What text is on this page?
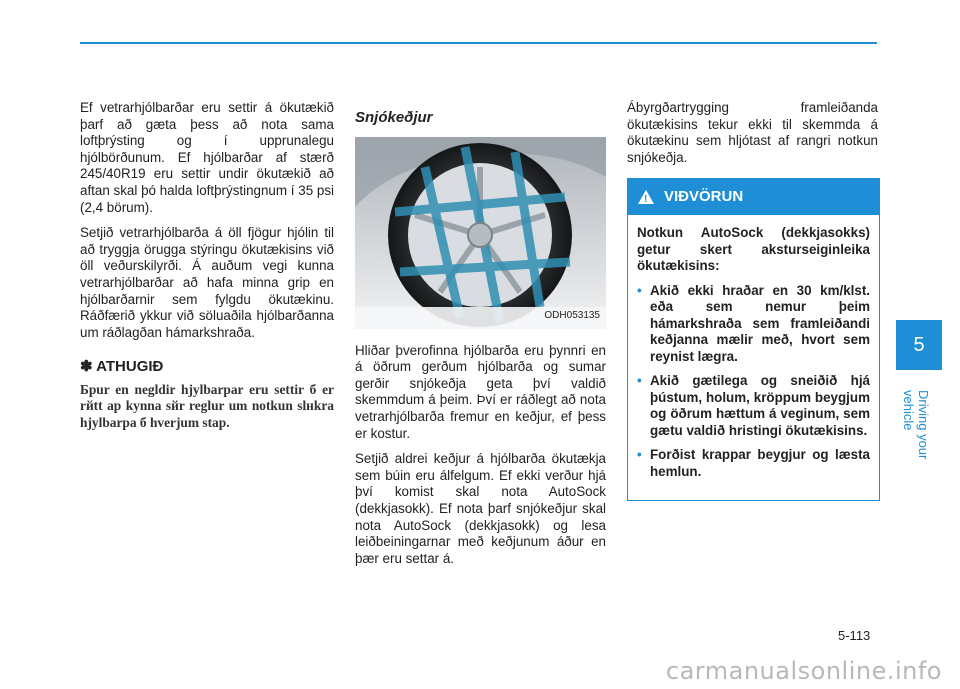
Ef vetrarhjólbarðar eru settir á ökutækið þarf að gæta þess að nota sama loftþrýsting og í upprunalegu hjólbörðunum. Ef hjólbarðar af stærð 245/40R19 eru settir undir ökutækið að aftan skal þó halda loftþrýstingnum í 35 psi (2,4 börum).

Setjið vetrarhjólbarða á öll fjögur hjólin til að tryggja örugga stýringu ökutækisins við öll veðurskilyrði. Á auðum vegi kunna vetrarhjólbarðar að hafa minna grip en hjólbarðarnir sem fylgdu ökutækinu. Ráðfærið ykkur við söluaðila hjólbarðanna um ráðlagðan hámarkshraða.

✽ ATHUGIÐ
Бpur en negldir hjylbarpar eru settir б er rйtt ap kynna sйr reglur um notkun slнkra hjylbarpa б hverjum stap.
Snjókeðjur
ODH053135

Hliðar þverofinna hjólbarða eru þynnri en á öðrum gerðum hjólbarða og sumar gerðir snjókeðja geta því valdið skemmdum á þeim. Því er ráðlegt að nota vetrarhjólbarða fremur en keðjur, ef þess er kostur.

Setjið aldrei keðjur á hjólbarða ökutækja sem búin eru álfelgum. Ef ekki verður hjá því komist skal nota AutoSock (dekkjasokk). Ef nota þarf snjókeðjur skal nota AutoSock (dekkjasokk) og lesa leiðbeiningarnar með keðjunum áður en þær eru settar á.

Ábyrgðartrygging framleiðanda ökutækisins tekur ekki til skemmda á ökutækinu sem hljótast af rangri notkun snjókeðja.

! VIÐVÖRUN
Notkun AutoSock (dekkjasokks) getur skert aksturseiginleika ökutækisins:
• Akið ekki hraðar en 30 km/klst. eða sem nemur þeim hámarkshraða sem framleiðandi keðjanna mælir með, hvort sem reynist lægra.
• Akið gætilega og sneiðið hjá þústum, holum, kröppum beygjum og öðrum hættum á veginum, sem gætu valdið hristingi ökutækisins.
• Forðist krappar beygjur og læsta hemlun.
5
Driving your vehicle
5-113
carmanualsonline.info
